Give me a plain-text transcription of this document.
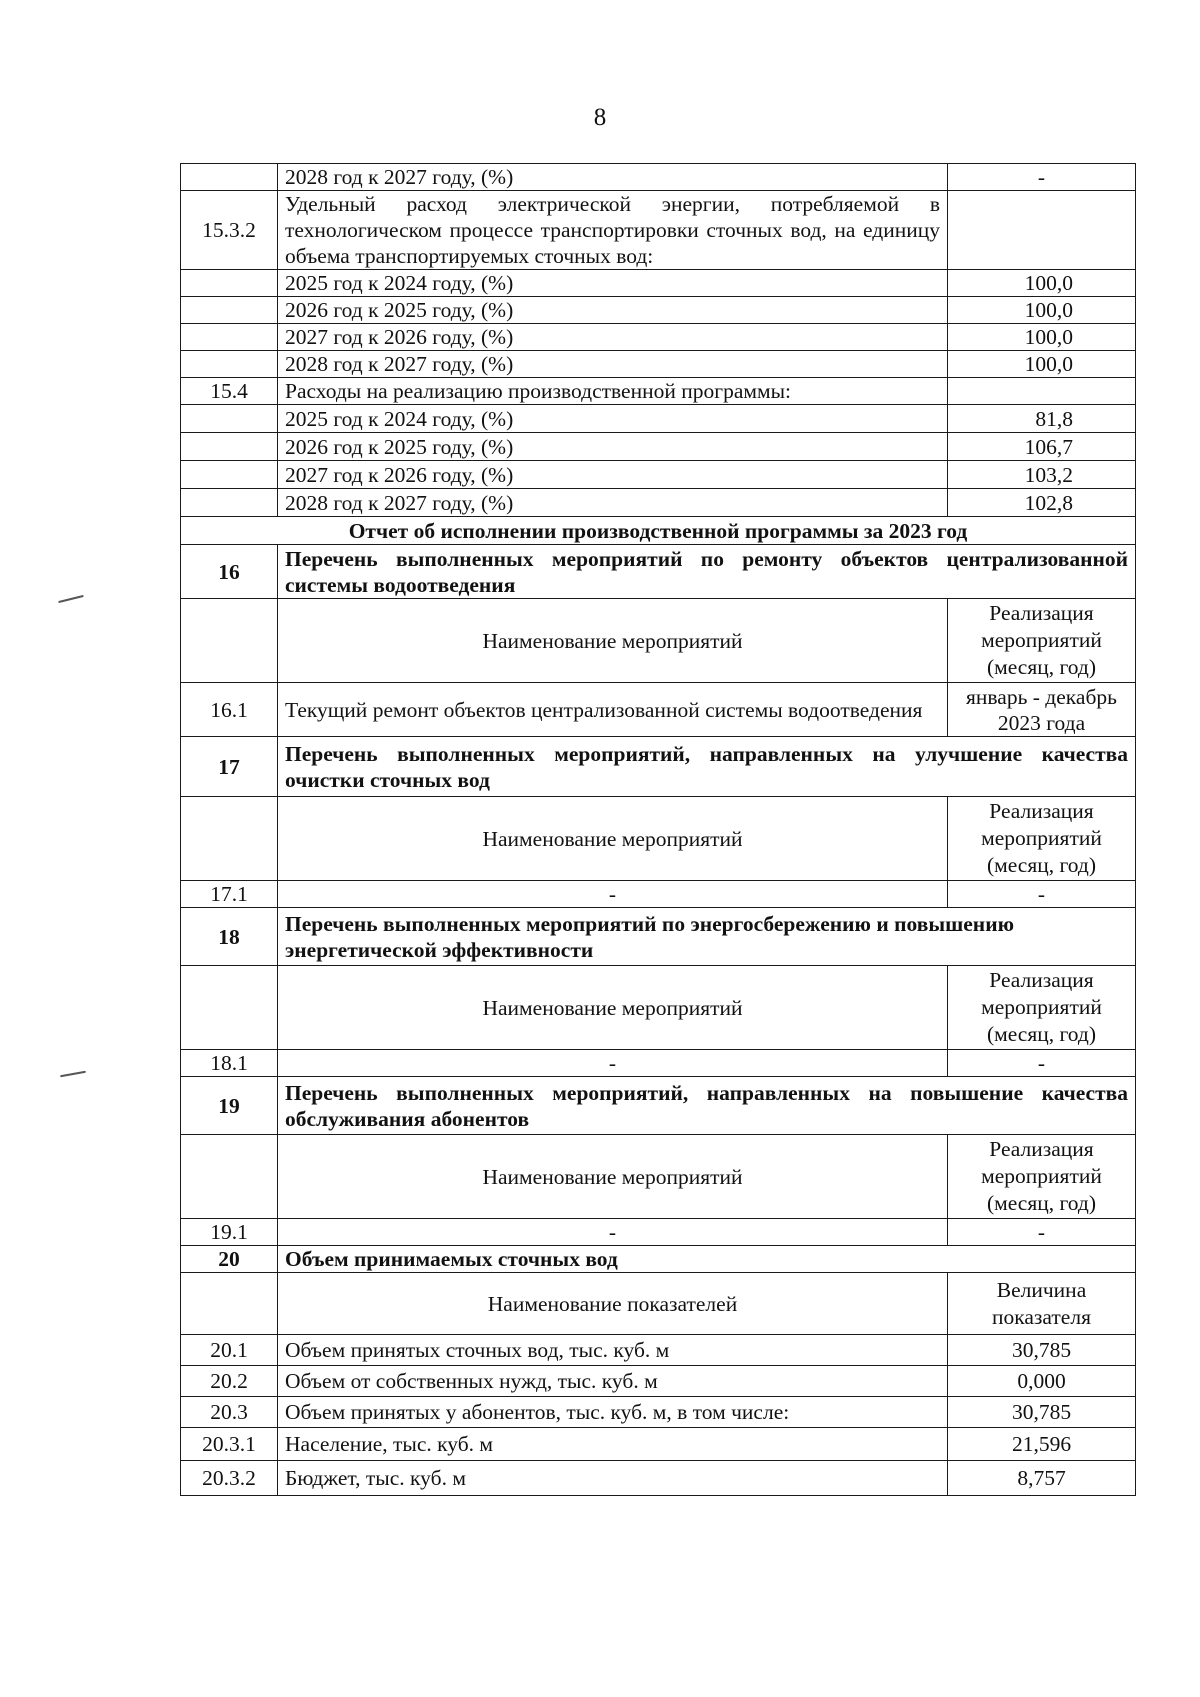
8
	2028 год к 2027 году, (%)	-
15.3.2	Удельный расход электрической энергии, потребляемой в технологическом процессе транспортировки сточных вод, на единицу объема транспортируемых сточных вод:	
	2025 год к 2024 году, (%)	100,0
	2026 год к 2025 году, (%)	100,0
	2027 год к 2026 году, (%)	100,0
	2028 год к 2027 году, (%)	100,0
15.4	Расходы на реализацию производственной программы:	
	2025 год к 2024 году, (%)	81,8
	2026 год к 2025 году, (%)	106,7
	2027 год к 2026 году, (%)	103,2
	2028 год к 2027 году, (%)	102,8
Отчет об исполнении производственной программы за 2023 год		
16	Перечень выполненных мероприятий по ремонту объектов централизованной системы водоотведения	
	Наименование мероприятий	Реализация мероприятий (месяц, год)
16.1	Текущий ремонт объектов централизованной системы водоотведения	январь - декабрь 2023 года
17	Перечень выполненных мероприятий, направленных на улучшение качества очистки сточных вод	
	Наименование мероприятий	Реализация мероприятий (месяц, год)
17.1	-	-
18	Перечень выполненных мероприятий по энергосбережению и повышению энергетической эффективности	
	Наименование мероприятий	Реализация мероприятий (месяц, год)
18.1	-	-
19	Перечень выполненных мероприятий, направленных на повышение качества обслуживания абонентов	
	Наименование мероприятий	Реализация мероприятий (месяц, год)
19.1	-	-
20	Объем принимаемых сточных вод	
	Наименование показателей	Величина показателя
20.1	Объем принятых сточных вод, тыс. куб. м	30,785
20.2	Объем от собственных нужд, тыс. куб. м	0,000
20.3	Объем принятых у абонентов, тыс. куб. м, в том числе:	30,785
20.3.1	Население, тыс. куб. м	21,596
20.3.2	Бюджет, тыс. куб. м	8,757
